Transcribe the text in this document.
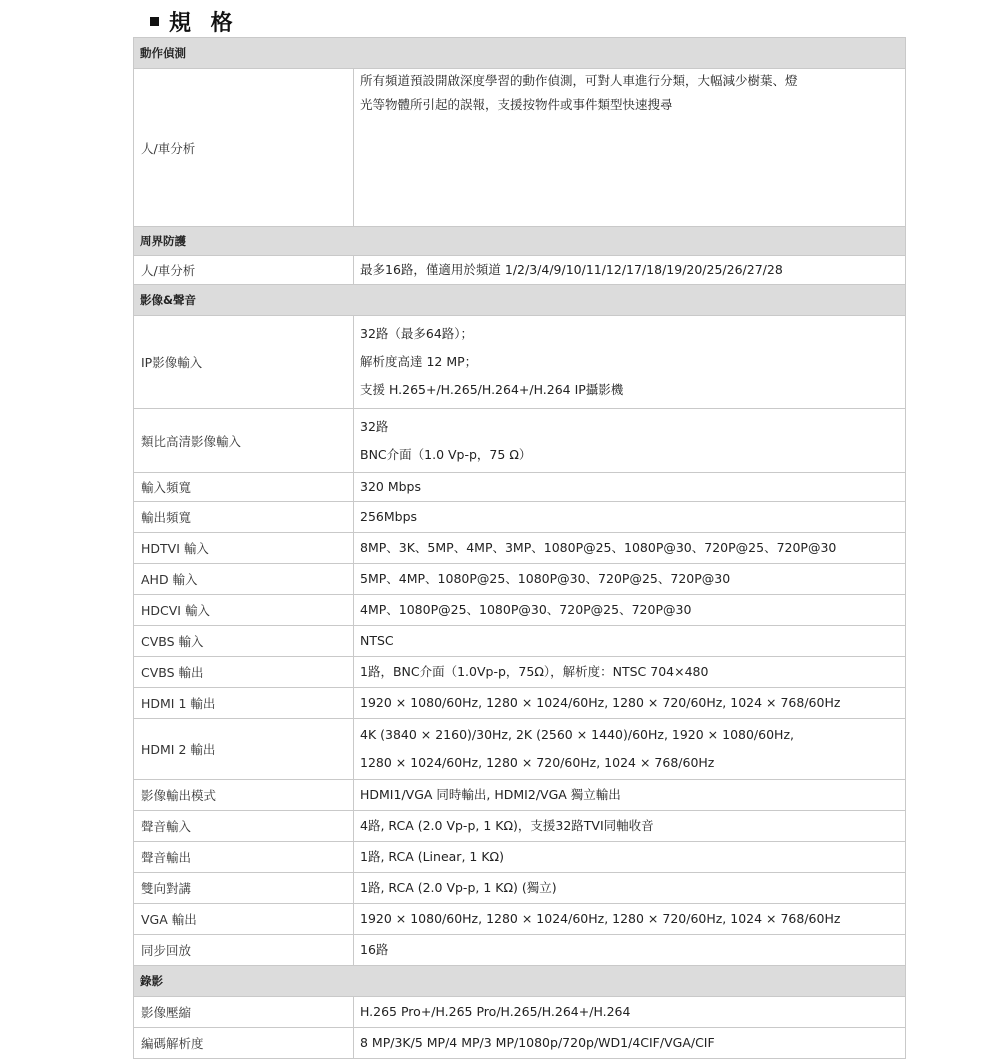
規 格
動作偵測	
人/車分析	所有頻道預設開啟深度學習的動作偵測，可對人車進行分類，大幅減少樹葉、燈
光等物體所引起的誤報，支援按物件或事件類型快速搜尋

周界防護	
人/車分析	最多16路，僅適用於頻道 1/2/3/4/9/10/11/12/17/18/19/20/25/26/27/28

影像&聲音	
IP影像輸入	32路（最多64路）；
解析度高達 12 MP；
支援 H.265+/H.265/H.264+/H.264 IP攝影機

類比高清影像輸入	32路
BNC介面（1.0 Vp-p，75 Ω）

輸入頻寬	320 Mbps

輸出頻寬	256Mbps

HDTVI 輸入	8MP、3K、5MP、4MP、3MP、1080P@25、1080P@30、720P@25、720P@30

AHD 輸入	5MP、4MP、1080P@25、1080P@30、720P@25、720P@30

HDCVI 輸入	4MP、1080P@25、1080P@30、720P@25、720P@30

CVBS 輸入	NTSC

CVBS 輸出	1路，BNC介面（1.0Vp-p，75Ω），解析度：NTSC 704×480

HDMI 1 輸出	1920 × 1080/60Hz, 1280 × 1024/60Hz, 1280 × 720/60Hz, 1024 × 768/60Hz

HDMI 2 輸出	4K (3840 × 2160)/30Hz, 2K (2560 × 1440)/60Hz, 1920 × 1080/60Hz,
1280 × 1024/60Hz, 1280 × 720/60Hz, 1024 × 768/60Hz

影像輸出模式	HDMI1/VGA 同時輸出, HDMI2/VGA 獨立輸出

聲音輸入	4路, RCA (2.0 Vp-p, 1 KΩ)，支援32路TVI同軸收音

聲音輸出	1路, RCA (Linear, 1 KΩ)

雙向對講	1路, RCA (2.0 Vp-p, 1 KΩ) (獨立)

VGA 輸出	1920 × 1080/60Hz, 1280 × 1024/60Hz, 1280 × 720/60Hz, 1024 × 768/60Hz

同步回放	16路

錄影	
影像壓縮	H.265 Pro+/H.265 Pro/H.265/H.264+/H.264

編碼解析度	8 MP/3K/5 MP/4 MP/3 MP/1080p/720p/WD1/4CIF/VGA/CIF
